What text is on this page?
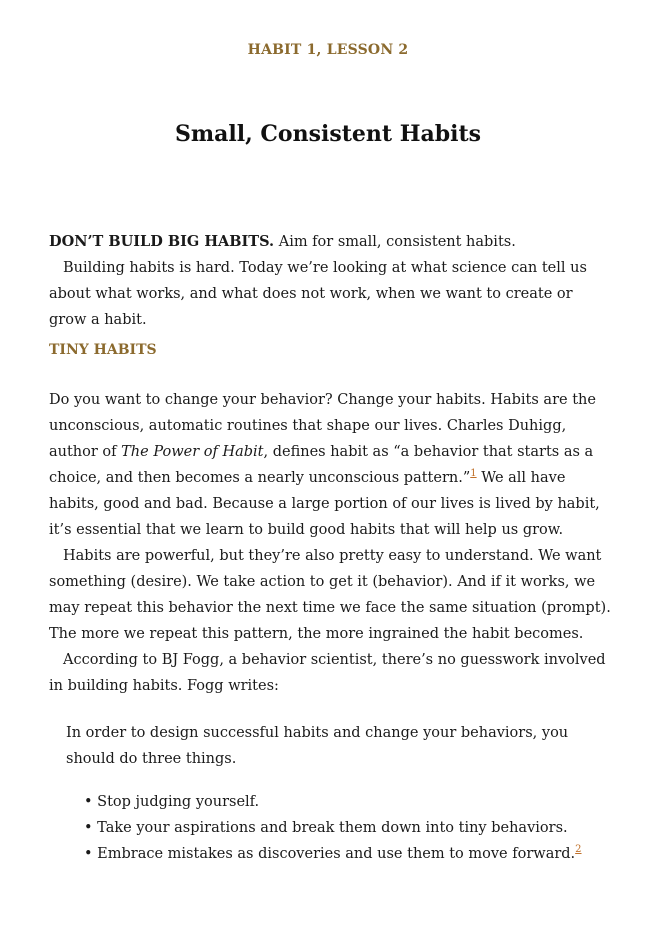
HABIT 1, LESSON 2
Small, Consistent Habits

DON’T BUILD BIG HABITS. Aim for small, consistent habits.

Building habits is hard. Today we’re looking at what science can tell us about what works, and what does not work, when we want to create or grow a habit.

TINY HABITS

Do you want to change your behavior? Change your habits. Habits are the unconscious, automatic routines that shape our lives. Charles Duhigg, author of The Power of Habit, defines habit as “a behavior that starts as a choice, and then becomes a nearly unconscious pattern.”$^1$ We all have habits, good and bad. Because a large portion of our lives is lived by habit, it’s essential that we learn to build good habits that will help us grow.

Habits are powerful, but they’re also pretty easy to understand. We want something (desire). We take action to get it (behavior). And if it works, we may repeat this behavior the next time we face the same situation (prompt). The more we repeat this pattern, the more ingrained the habit becomes.

According to BJ Fogg, a behavior scientist, there’s no guesswork involved in building habits. Fogg writes:

In order to design successful habits and change your behaviors, you should do three things.

• Stop judging yourself.
• Take your aspirations and break them down into tiny behaviors.
• Embrace mistakes as discoveries and use them to move forward.$^2$
